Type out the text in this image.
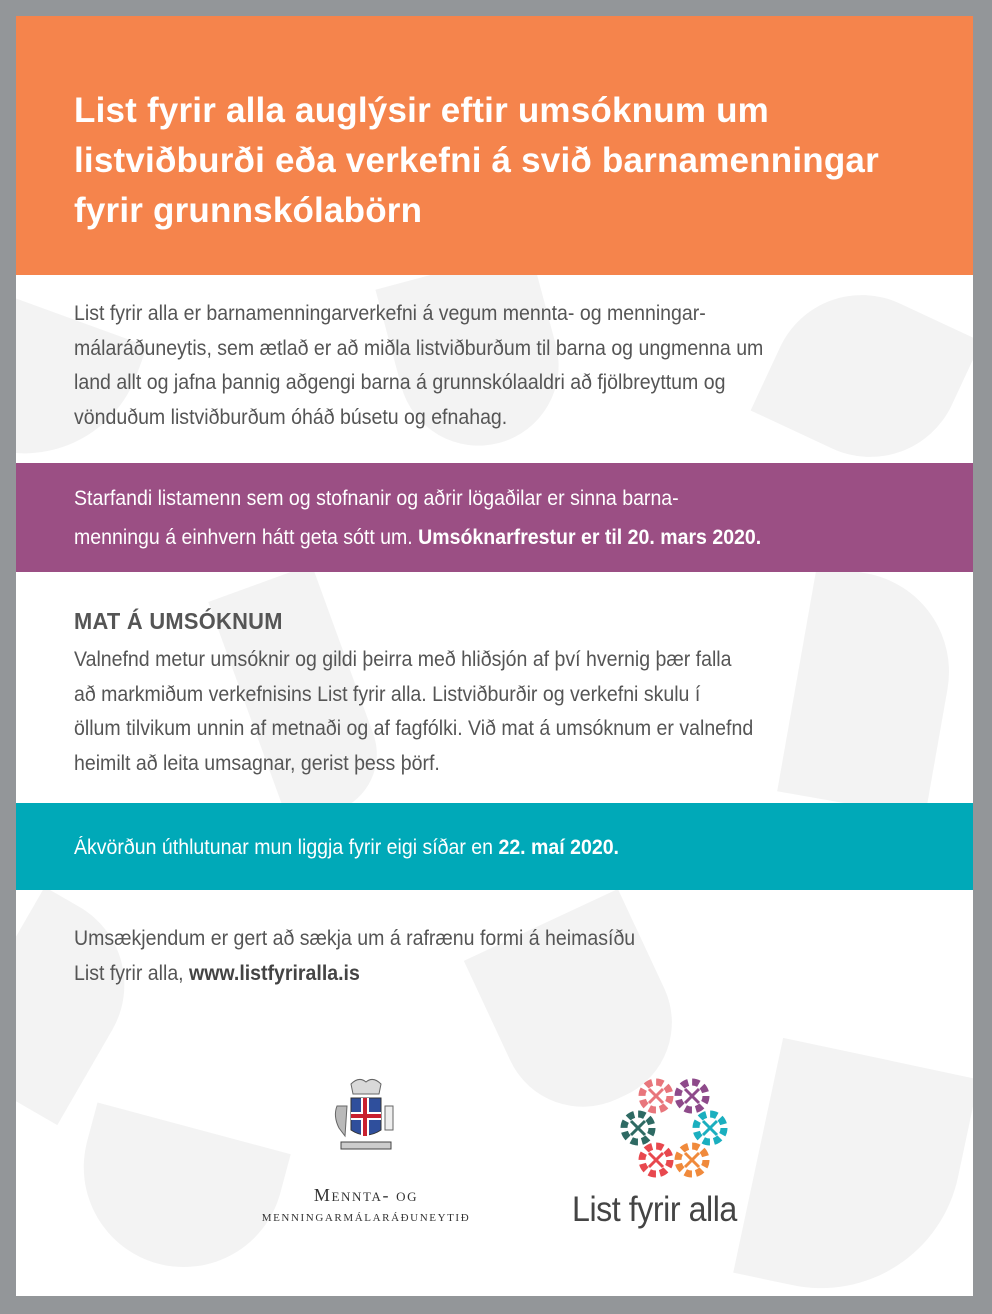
List fyrir alla auglýsir eftir umsóknum um
listviðburði eða verkefni á svið barnamenningar
fyrir grunnskólabörn
List fyrir alla er barnamenningarverkefni á vegum mennta- og menningar-
málaráðuneytis, sem ætlað er að miðla listviðburðum til barna og ungmenna um
land allt og jafna þannig aðgengi barna á grunnskólaaldri að fjölbreyttum og
vönduðum listviðburðum óháð búsetu og efnahag.
Starfandi listamenn sem og stofnanir og aðrir lögaðilar er sinna barna-
menningu á einhvern hátt geta sótt um. Umsóknarfrestur er til 20. mars 2020.
MAT Á UMSÓKNUM
Valnefnd metur umsóknir og gildi þeirra með hliðsjón af því hvernig þær falla
að markmiðum verkefnisins List fyrir alla. Listviðburðir og verkefni skulu í
öllum tilvikum unnin af metnaði og af fagfólki. Við mat á umsóknum er valnefnd
heimilt að leita umsagnar, gerist þess þörf.
Ákvörðun úthlutunar mun liggja fyrir eigi síðar en 22. maí 2020.
Umsækjendum er gert að sækja um á rafrænu formi á heimasíðu
List fyrir alla, www.listfyriralla.is
Mennta- og
menningarmálaráðuneytið	List fyrir alla
